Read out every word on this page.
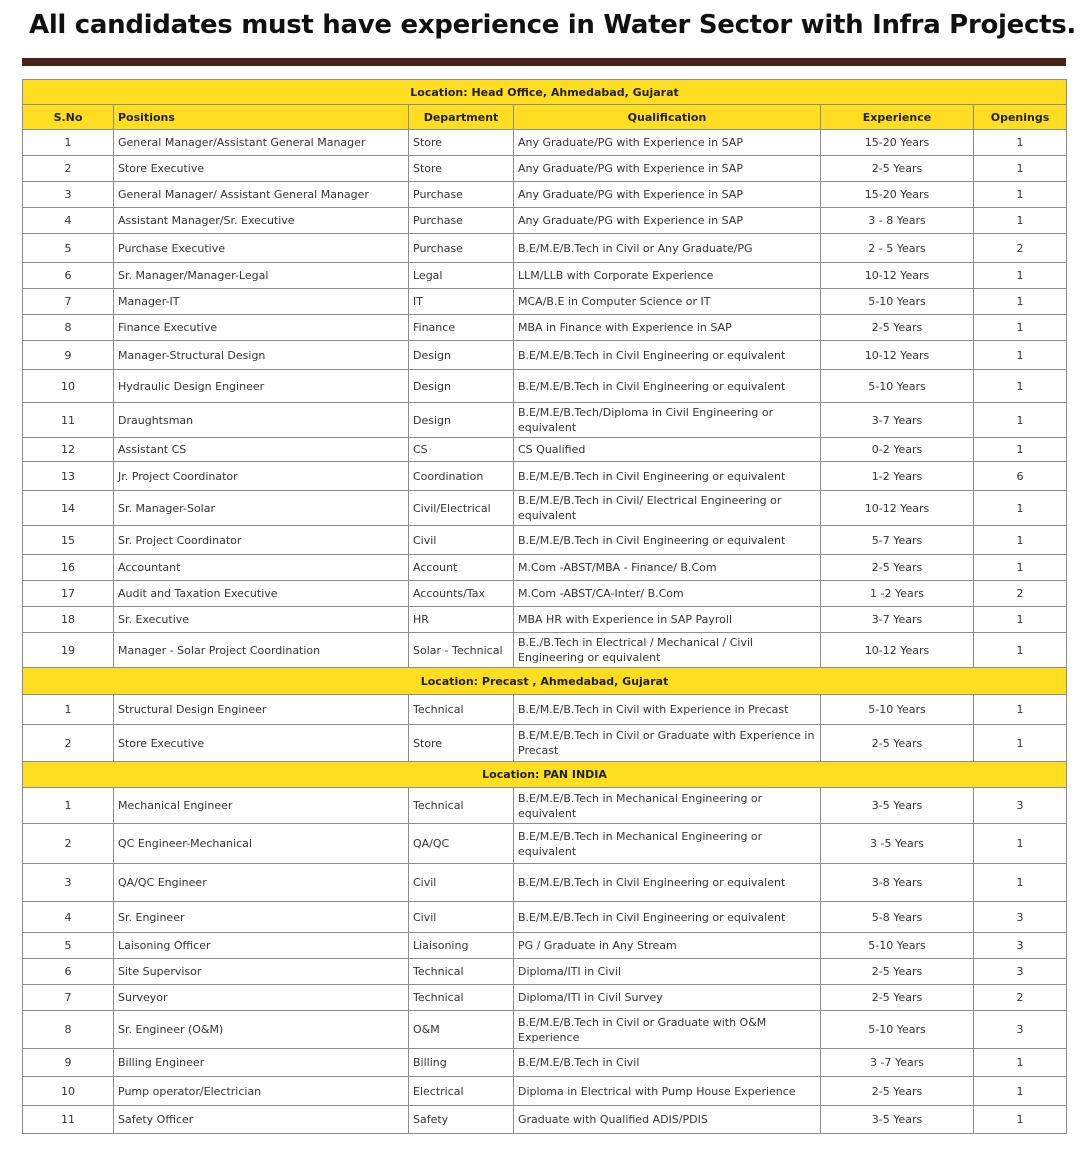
All candidates must have experience in Water Sector with Infra Projects.
Location: Head Office, Ahmedabad, Gujarat					
S.No	Positions	Department	Qualification	Experience	Openings
1	General Manager/Assistant General Manager	Store	Any Graduate/PG with Experience in SAP	15-20 Years	1
2	Store Executive	Store	Any Graduate/PG with Experience in SAP	2-5 Years	1
3	General Manager/ Assistant General Manager	Purchase	Any Graduate/PG with Experience in SAP	15-20 Years	1
4	Assistant Manager/Sr. Executive	Purchase	Any Graduate/PG with Experience in SAP	3 - 8 Years	1
5	Purchase Executive	Purchase	B.E/M.E/B.Tech in Civil or Any Graduate/PG	2 - 5 Years	2
6	Sr. Manager/Manager-Legal	Legal	LLM/LLB with Corporate Experience	10-12 Years	1
7	Manager-IT	IT	MCA/B.E in Computer Science or IT	5-10 Years	1
8	Finance Executive	Finance	MBA in Finance with Experience in SAP	2-5 Years	1
9	Manager-Structural Design	Design	B.E/M.E/B.Tech in Civil Engineering or equivalent	10-12 Years	1
10	Hydraulic Design Engineer	Design	B.E/M.E/B.Tech in Civil Engineering or equivalent	5-10 Years	1
11	Draughtsman	Design	B.E/M.E/B.Tech/Diploma in Civil Engineering or equivalent	3-7 Years	1
12	Assistant CS	CS	CS Qualified	0-2 Years	1
13	Jr. Project Coordinator	Coordination	B.E/M.E/B.Tech in Civil Engineering or equivalent	1-2 Years	6
14	Sr. Manager-Solar	Civil/Electrical	B.E/M.E/B.Tech in Civil/ Electrical Engineering or equivalent	10-12 Years	1
15	Sr. Project Coordinator	Civil	B.E/M.E/B.Tech in Civil Engineering or equivalent	5-7 Years	1
16	Accountant	Account	M.Com -ABST/MBA - Finance/ B.Com	2-5 Years	1
17	Audit and Taxation Executive	Accounts/Tax	M.Com -ABST/CA-Inter/ B.Com	1 -2 Years	2
18	Sr. Executive	HR	MBA HR with Experience in SAP Payroll	3-7 Years	1
19	Manager - Solar Project Coordination	Solar - Technical	B.E./B.Tech in Electrical / Mechanical / Civil Engineering or equivalent	10-12 Years	1
Location: Precast , Ahmedabad, Gujarat					
1	Structural Design Engineer	Technical	B.E/M.E/B.Tech in Civil with Experience in Precast	5-10 Years	1
2	Store Executive	Store	B.E/M.E/B.Tech in Civil or Graduate with Experience in Precast	2-5 Years	1
Location: PAN INDIA					
1	Mechanical Engineer	Technical	B.E/M.E/B.Tech in Mechanical Engineering or equivalent	3-5 Years	3
2	QC Engineer-Mechanical	QA/QC	B.E/M.E/B.Tech in Mechanical Engineering or equivalent	3 -5 Years	1
3	QA/QC Engineer	Civil	B.E/M.E/B.Tech in Civil Engineering or equivalent	3-8 Years	1
4	Sr. Engineer	Civil	B.E/M.E/B.Tech in Civil Engineering or equivalent	5-8 Years	3
5	Laisoning Officer	Liaisoning	PG / Graduate in Any Stream	5-10 Years	3
6	Site Supervisor	Technical	Diploma/ITI in Civil	2-5 Years	3
7	Surveyor	Technical	Diploma/ITI in Civil Survey	2-5 Years	2
8	Sr. Engineer (O&M)	O&M	B.E/M.E/B.Tech in Civil or Graduate with O&M Experience	5-10 Years	3
9	Billing Engineer	Billing	B.E/M.E/B.Tech in Civil	3 -7 Years	1
10	Pump operator/Electrician	Electrical	Diploma in Electrical with Pump House Experience	2-5 Years	1
11	Safety Officer	Safety	Graduate with Qualified ADIS/PDIS	3-5 Years	1
